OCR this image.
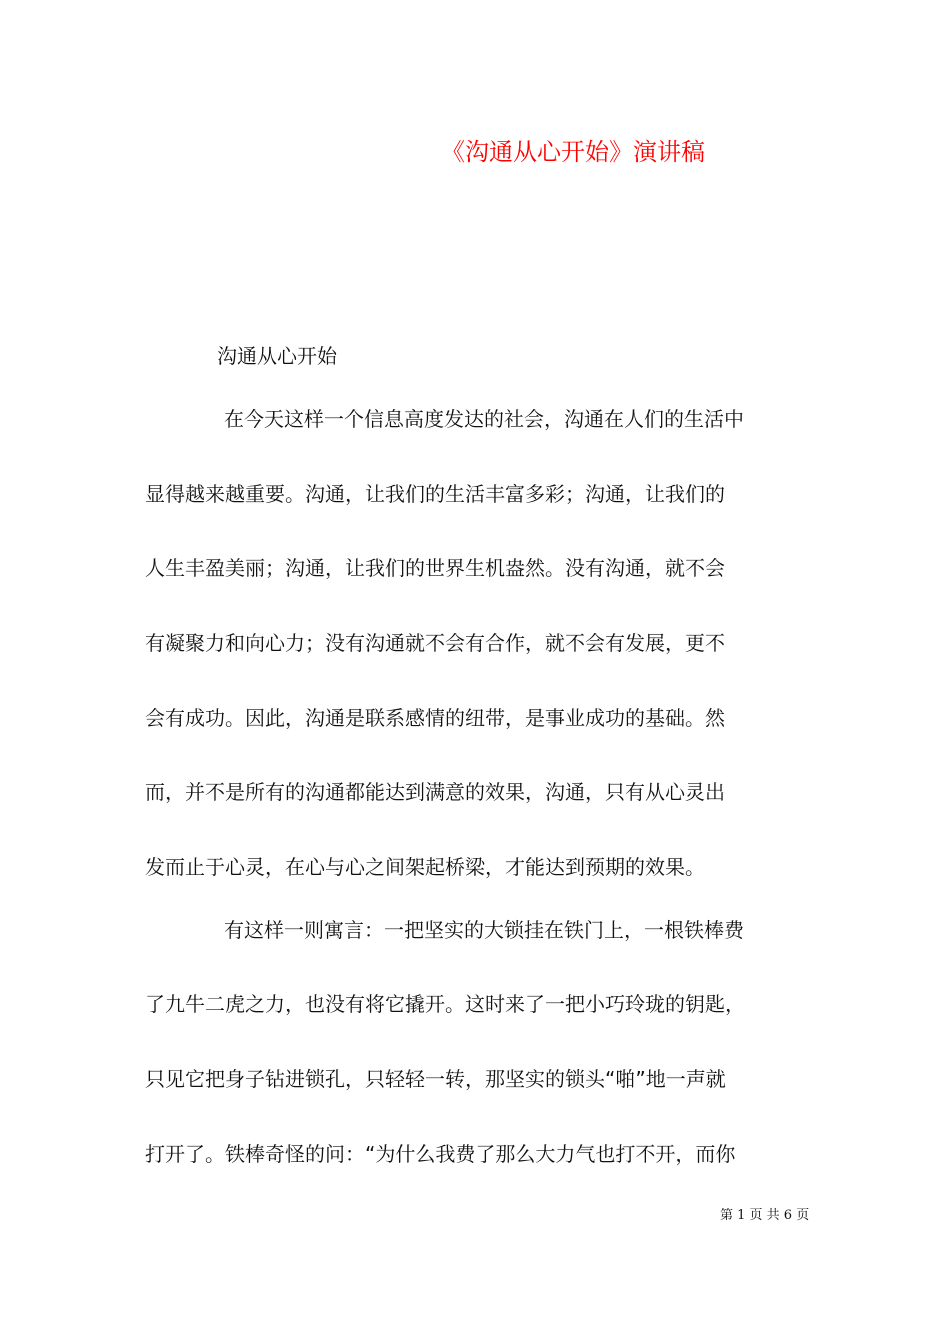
《沟通从心开始》演讲稿

沟通从心开始

在今天这样一个信息高度发达的社会，沟通在人们的生活中

显得越来越重要。沟通，让我们的生活丰富多彩；沟通，让我们的

人生丰盈美丽；沟通，让我们的世界生机盎然。没有沟通，就不会

有凝聚力和向心力；没有沟通就不会有合作，就不会有发展，更不

会有成功。因此，沟通是联系感情的纽带，是事业成功的基础。然

而，并不是所有的沟通都能达到满意的效果，沟通，只有从心灵出

发而止于心灵，在心与心之间架起桥梁，才能达到预期的效果。

有这样一则寓言：一把坚实的大锁挂在铁门上，一根铁棒费

了九牛二虎之力，也没有将它撬开。这时来了一把小巧玲珑的钥匙，

只见它把身子钻进锁孔，只轻轻一转，那坚实的锁头“啪”地一声就

打开了。铁棒奇怪的问：“为什么我费了那么大力气也打不开，而你

第 1 页 共 6 页
